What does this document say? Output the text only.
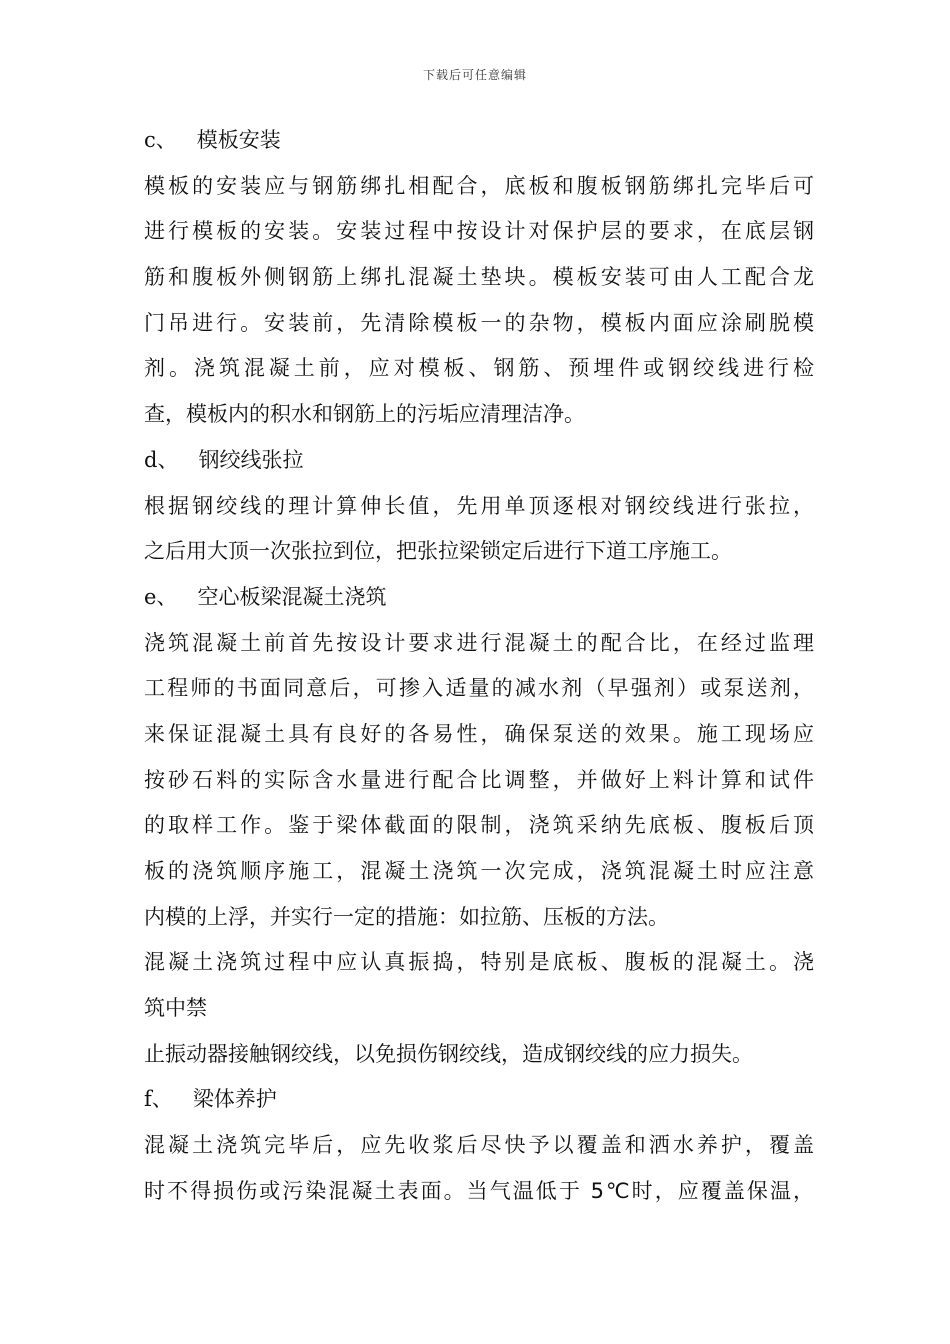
下载后可任意编辑
c、 模板安装
模板的安装应与钢筋绑扎相配合，底板和腹板钢筋绑扎完毕后可
进行模板的安装。安装过程中按设计对保护层的要求，在底层钢
筋和腹板外侧钢筋上绑扎混凝土垫块。模板安装可由人工配合龙
门吊进行。安装前，先清除模板一的杂物，模板内面应涂刷脱模
剂。浇筑混凝土前，应对模板、钢筋、预埋件或钢绞线进行检
查，模板内的积水和钢筋上的污垢应清理洁净。
d、 钢绞线张拉
根据钢绞线的理计算伸长值，先用单顶逐根对钢绞线进行张拉，
之后用大顶一次张拉到位，把张拉梁锁定后进行下道工序施工。
e、 空心板梁混凝土浇筑
浇筑混凝土前首先按设计要求进行混凝土的配合比，在经过监理
工程师的书面同意后，可掺入适量的减水剂（早强剂）或泵送剂，
来保证混凝土具有良好的各易性，确保泵送的效果。施工现场应
按砂石料的实际含水量进行配合比调整，并做好上料计算和试件
的取样工作。鉴于梁体截面的限制，浇筑采纳先底板、腹板后顶
板的浇筑顺序施工，混凝土浇筑一次完成，浇筑混凝土时应注意
内模的上浮，并实行一定的措施：如拉筋、压板的方法。
混凝土浇筑过程中应认真振捣，特别是底板、腹板的混凝土。浇
筑中禁
止振动器接触钢绞线，以免损伤钢绞线，造成钢绞线的应力损失。
f、 梁体养护
混凝土浇筑完毕后，应先收浆后尽快予以覆盖和洒水养护，覆盖
时不得损伤或污染混凝土表面。当气温低于 5℃时，应覆盖保温，
